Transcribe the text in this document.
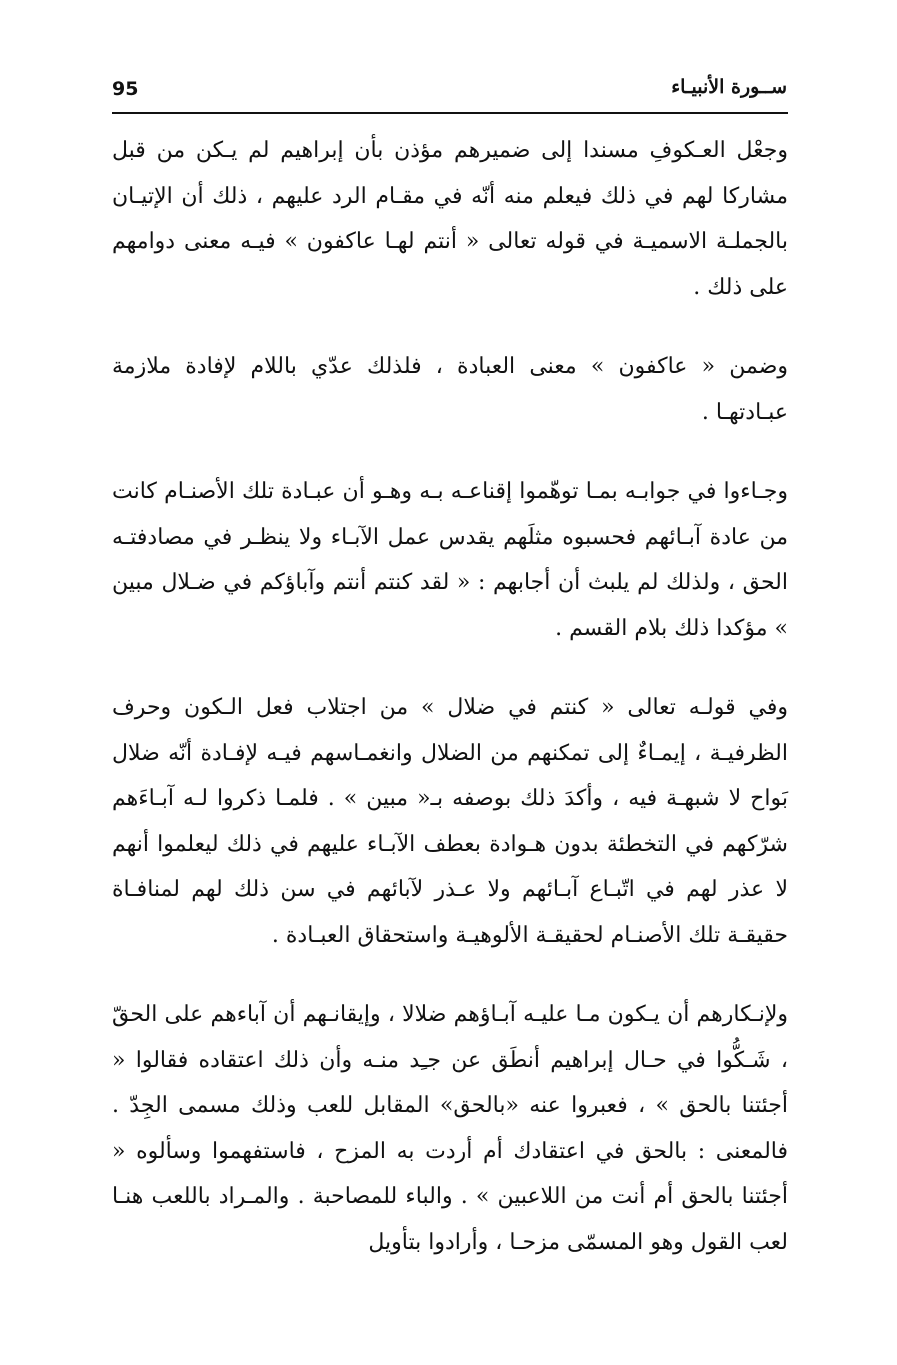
95	ســورة الأنبيـاء

وجعْل العـكوفِ مسندا إلى ضميرهم مؤذن بأن إبراهيم لم يـكن من قبل مشاركا لهم في ذلك فيعلم منه أنّه في مقـام الرد عليهم ، ذلك أن الإتيـان بالجملـة الاسميـة في قوله تعالى « أنتم لهـا عاكفون » فيـه معنى دوامهم على ذلك .

وضمن « عاكفون » معنى العبادة ، فلذلك عدّي باللام لإفادة ملازمة عبـادتهـا .

وجـاءوا في جوابـه بمـا توهّموا إقناعـه بـه وهـو أن عبـادة تلك الأصنـام كانت من عادة آبـائهم فحسبوه مثلَهم يقدس عمل الآبـاء ولا ينظـر في مصادفتـه الحق ، ولذلك لم يلبث أن أجابهم : « لقد كنتم أنتم وآباؤكم في ضـلال مبين » مؤكدا ذلك بلام القسم .

وفي قولـه تعالى « كنتم في ضلال » من اجتلاب فعل الـكون وحرف الظرفيـة ، إيمـاءٌ إلى تمكنهم من الضلال وانغمـاسهم فيـه لإفـادة أنّه ضلال بَواح لا شبهـة فيه ، وأكدَ ذلك بوصفه بـ« مبين » . فلمـا ذكروا لـه آبـاءَهم شرّكهم في التخطئة بدون هـوادة بعطف الآبـاء عليهم في ذلك ليعلموا أنهم لا عذر لهم في اتّبـاع آبـائهم ولا عـذر لآبائهم في سن ذلك لهم لمنافـاة حقيقـة تلك الأصنـام لحقيقـة الألوهيـة واستحقاق العبـادة .

ولإنـكارهم أن يـكون مـا عليـه آبـاؤهم ضلالا ، وإيقانـهم أن آباءهم على الحقّ ، شَـكُّوا في حـال إبراهيم أنطَق عن جـِد منـه وأن ذلك اعتقاده فقالوا « أجئتنا بالحق » ، فعبروا عنه «بالحق» المقابل للعب وذلك مسمى الجِدّ . فالمعنى : بالحق في اعتقادك أم أردت به المزح ، فاستفهموا وسألوه « أجئتنا بالحق أم أنت من اللاعبين » . والباء للمصاحبة . والمـراد باللعب هنـا لعب القول وهو المسمّى مزحـا ، وأرادوا بتأويل
